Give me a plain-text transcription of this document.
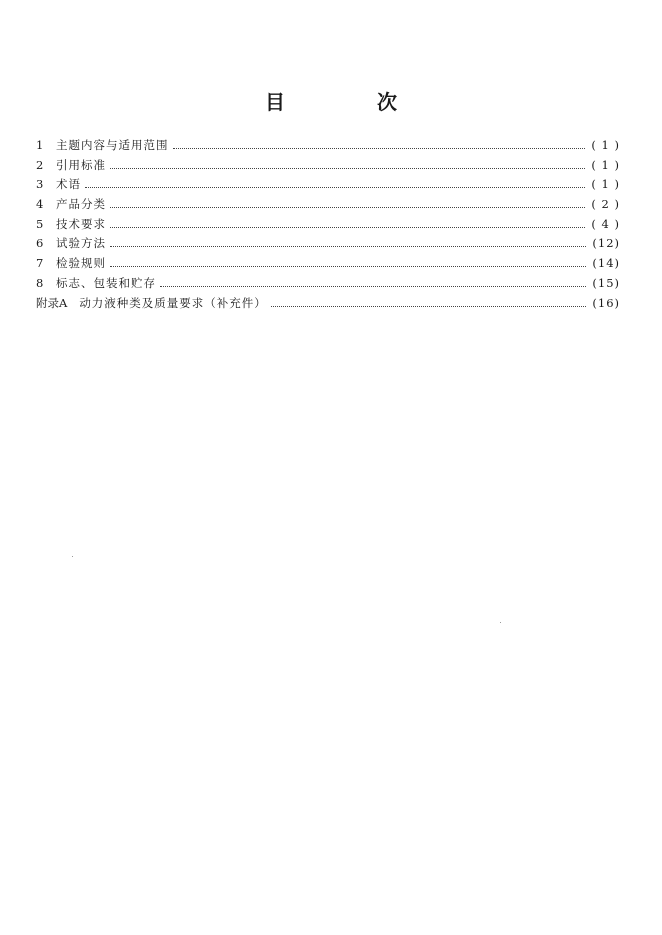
目　次
1	主题内容与适用范围	( 1 )
2	引用标准	( 1 )
3	术语	( 1 )
4	产品分类	( 2 )
5	技术要求	( 4 )
6	试验方法	(12)
7	检验规则	(14)
8	标志、包装和贮存	(15)
附录A 动力液种类及质量要求（补充件）	(16)
